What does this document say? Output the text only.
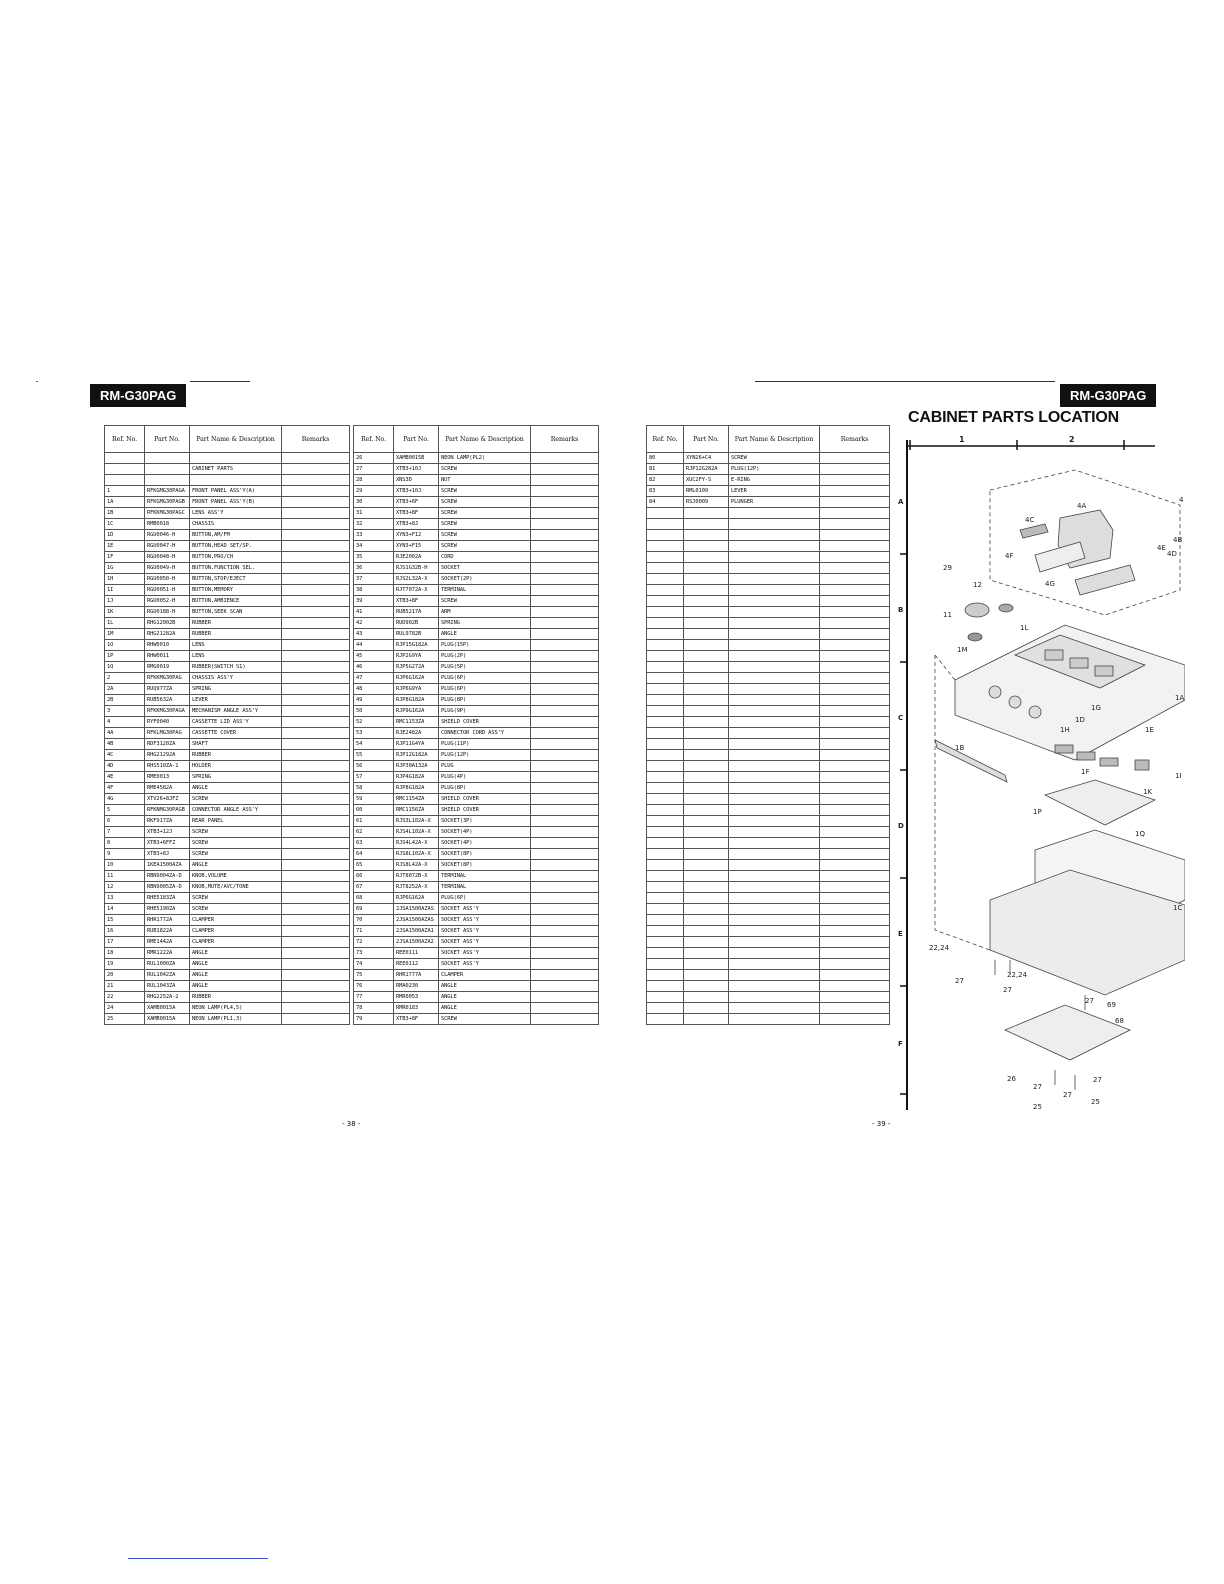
RM-G30PAG	RM-G30PAG
Ref. No.	Part No.	Part Name & Description	Remarks

		CABINET PARTS	

1	RFKGMG30PAGA	FRONT PANEL ASS'Y(A)	
1A	RFKGMG30PAGB	FRONT PANEL ASS'Y(B)	
1B	RFKKMG30PAGC	LENS ASS'Y	
1C	RMB0018	CHASSIS	
1D	RGU0046-H	BUTTON,AM/FM	
1E	RGU0047-H	BUTTON,HEAD SET/SP.	
1F	RGU0048-H	BUTTON,PRO/CH	
1G	RGU0049-H	BUTTON,FUNCTION SEL.	
1H	RGU0050-H	BUTTON,STOP/EJECT	
1I	RGU0051-H	BUTTON,MEMORY	
1J	RGU0052-H	BUTTON,AMBIENCE	
1K	RGU0188-H	BUTTON,SEEK SCAN	
1L	RHG12002B	RUBBER	
1M	RHG21282A	RUBBER	
1O	RHW0010	LENS	
1P	RHW0011	LENS	
1Q	RMG0019	RUBBER(SWITCH S1)	
2	RFKKMG30PAG	CHASSIS ASS'Y	
2A	RUQ977ZA	SPRING	
2B	RUB5632A	LEVER	
3	RFKKMG30PAGA	MECHANISM ANGLE ASS'Y	
4	RYF0040	CASSETTE LID ASS'Y	
4A	RFKLMG30PAG	CASSETTE COVER	
4B	RDF3120ZA	SHAFT	
4C	RHG21292A	RUBBER	
4D	RHS510ZA-1	HOLDER	
4E	RME0013	SPRING	
4F	RME4582A	ANGLE	
4G	XTV26+8JFZ	SCREW	
5	RFKNMG30PAGB	CONNECTOR ANGLE ASS'Y	
6	RKF917ZA	REAR PANEL	
7	XTB3+12J	SCREW	
8	XTB3+6FFZ	SCREW	
9	XTB3+8J	SCREW	
10	1KEA1500AZA	ANGLE	
11	RBN9004ZA-D	KNOB,VOLUME	
12	RBN9005ZA-D	KNOB,MUTE/AVC/TONE	
13	RHE5183ZA	SCREW	
14	RHE5190ZA	SCREW	
15	RHR1772A	CLAMPER	
16	RUB1822A	CLAMPER	
17	RME1442A	CLAMPER	
18	RMR1222A	ANGLE	
19	RUL1000ZA	ANGLE	
20	RUL1042ZA	ANGLE	
21	RUL1043ZA	ANGLE	
22	RHG2252A-2	RUBBER	
24	XAMB0015A	NEON LAMP(PL4,5)	
25	XAMB0015A	NEON LAMP(PL1,3)	
Ref. No.	Part No.	Part Name & Description	Remarks
26	XAMB0015B	NEON LAMP(PL2)	
27	XTB3+10J	SCREW	
28	XNS3D	NUT	
29	XTB3+10J	SCREW	
30	XTB3+6F	SCREW	
31	XTB3+8F	SCREW	
32	XTB3+8J	SCREW	
33	XYN3+F12	SCREW	
34	XYN3+F15	SCREW	
35	RJE2002A	CORD	
36	RJS1G32B-H	SOCKET	
37	RJS2L32A-X	SOCKET(2P)	
38	RJT7072A-X	TERMINAL	
39	XTB3+8F	SCREW	
41	RUB5217A	ARM	
42	RUD902B	SPRING	
43	RUL9782B	ANGLE	
44	RJP15G182A	PLUG(15P)	
45	RJP2G9YA	PLUG(2P)	
46	RJP5G272A	PLUG(5P)	
47	RJP6G162A	PLUG(6P)	
48	RJP6G9YA	PLUG(6P)	
49	RJP8G182A	PLUG(8P)	
50	RJP9G162A	PLUG(9P)	
52	RMC1153ZA	SHIELD COVER	
53	RJE2482A	CONNECTOR CORD ASS'Y	
54	RJP11G4YA	PLUG(11P)	
55	RJP12G182A	PLUG(12P)	
56	RJP30A132A	PLUG	
57	RJP4G182A	PLUG(4P)	
58	RJP8G182A	PLUG(8P)	
59	RMC1154ZA	SHIELD COVER	
60	RMC1156ZA	SHIELD COVER	
61	RJS3L102A-X	SOCKET(3P)	
62	RJS4L102A-X	SOCKET(4P)	
63	RJS4L42A-X	SOCKET(4P)	
64	RJS8L102A-X	SOCKET(8P)	
65	RJS8L42A-X	SOCKET(8P)	
66	RJT8072B-X	TERMINAL	
67	RJT8252A-X	TERMINAL	
68	RJP6G162A	PLUG(6P)	
69	2JSA1500AZAS	SOCKET ASS'Y	
70	2JSA1500AZAS	SOCKET ASS'Y	
71	2JSA1500AZA1	SOCKET ASS'Y	
72	2JSA1500AZA2	SOCKET ASS'Y	
73	REE0111	SOCKET ASS'Y	
74	REE0112	SOCKET ASS'Y	
75	RHR1777A	CLAMPER	
76	RMA0230	ANGLE	
77	RMR0053	ANGLE	
78	RMR0183	ANGLE	
79	XTB3+8F	SCREW	
Ref. No.	Part No.	Part Name & Description	Remarks
80	XYN26+C4	SCREW	
81	RJP12G282A	PLUG(12P)	
82	XUC2FY-S	E-RING	
83	RML0109	LEVER	
84	RSJ0009	PLUNGER	

- 38 -	- 39 -
CABINET PARTS LOCATION
1	2
A
B
C
D
E
F
4
4A
4B
4C
4D
4E
4F
4G
29
12
11
1M
1L
1A
1B
1D
1G
1H	1E
1I
1F
1K
1P
1Q
1C
22,24
22,24
27
27
27 69
68
26
27
27
27
25
25
